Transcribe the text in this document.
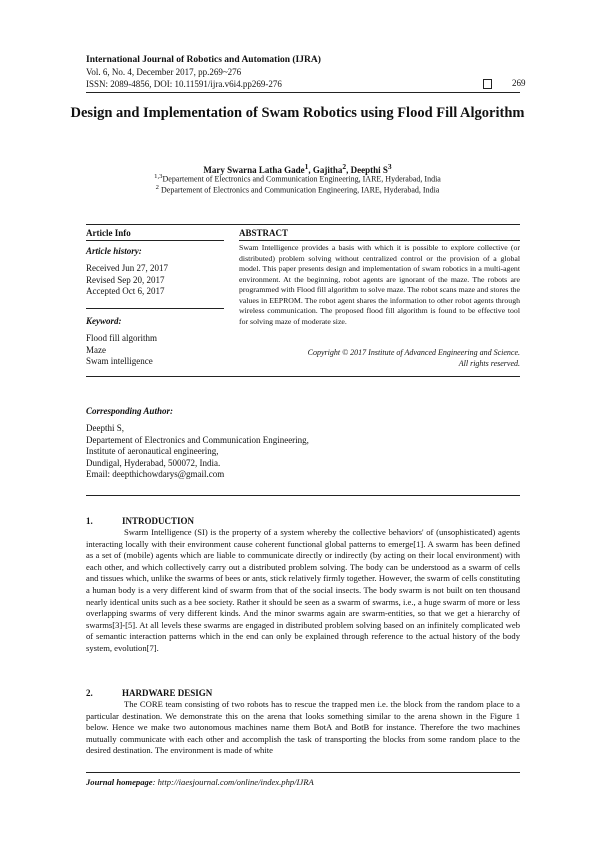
International Journal of Robotics and Automation (IJRA)
Vol. 6, No. 4, December 2017, pp.269~276
ISSN: 2089-4856, DOI: 10.11591/ijra.v6i4.pp269-276	269
Design and Implementation of Swam Robotics using Flood Fill Algorithm
Mary Swarna Latha Gade$^1$, Gajitha$^2$, Deepthi $S^3$
$^{1,3}$Departement of Electronics and Communication Engineering, IARE, Hyderabad, India
$^2$ Departement of Electronics and Communication Engineering, IARE, Hyderabad, India
Article Info	ABSTRACT
Article history:
Received Jun 27, 2017
Revised Sep 20, 2017
Accepted Oct 6, 2017
Keyword:
Flood fill algorithm
Maze
Swam intelligence
Swam Intelligence provides a basis with which it is possible to explore collective (or distributed) problem solving without centralized control or the provision of a global model. This paper presents design and implementation of swam robotics in a multi-agent environment. At the beginning, robot agents are ignorant of the maze. The robots are programmed with Flood fill algorithm to solve maze. The robot scans maze and stores the values in EEPROM. The robot agent shares the information to other robot agents through wireless communication. The proposed flood fill algorithm is found to be effective tool for solving maze of moderate size.
Copyright © 2017 Institute of Advanced Engineering and Science.
All rights reserved.
Corresponding Author:
Deepthi S,
Departement of Electronics and Communication Engineering,
Institute of aeronautical engineering,
Dundigal, Hyderabad, 500072, India.
Email: deepthichowdarys@gmail.com
1.	INTRODUCTION
Swarm Intelligence (SI) is the property of a system whereby the collective behaviors' of (unsophisticated) agents interacting locally with their environment cause coherent functional global patterns to emerge[1]. A swarm has been defined as a set of (mobile) agents which are liable to communicate directly or indirectly (by acting on their local environment) with each other, and which collectively carry out a distributed problem solving. The body can be understood as a swarm of cells and tissues which, unlike the swarms of bees or ants, stick relatively firmly together. However, the swarm of cells constituting a human body is a very different kind of swarm from that of the social insects. The body swarm is not built on ten thousand nearly identical units such as a bee society. Rather it should be seen as a swarm of swarms, i.e., a huge swarm of more or less overlapping swarms of very different kinds. And the minor swarms again are swarm-entities, so that we get a hierarchy of swarms[3]-[5]. At all levels these swarms are engaged in distributed problem solving based on an infinitely complicated web of semantic interaction patterns which in the end can only be explained through reference to the actual history of the body system, evolution[7].
2.	HARDWARE DESIGN
The CORE team consisting of two robots has to rescue the trapped men i.e. the block from the random place to a particular destination. We demonstrate this on the arena that looks something similar to the arena shown in the Figure 1 below. Hence we make two autonomous machines name them BotA and BotB for instance. Therefore the two machines mutually communicate with each other and accomplish the task of transporting the blocks from some random place to the desired destination. The environment is made of white
Journal homepage: http://iaesjournal.com/online/index.php/IJRA
